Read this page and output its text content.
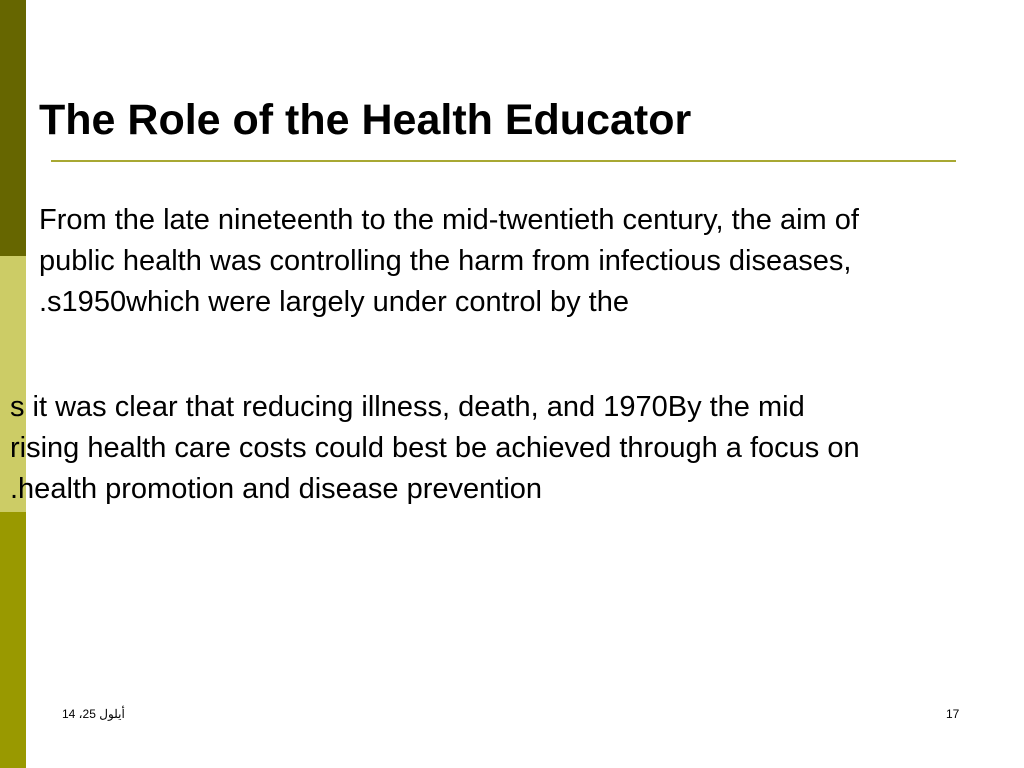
The Role of the Health Educator

From the late nineteenth to the mid-twentieth century, the aim of
public health was controlling the harm from infectious diseases,
.s1950which were largely under control by the

s it was clear that reducing illness, death, and 1970By the mid
rising health care costs could best be achieved through a focus on
.health promotion and disease prevention

14 ،25 أيلول	17
